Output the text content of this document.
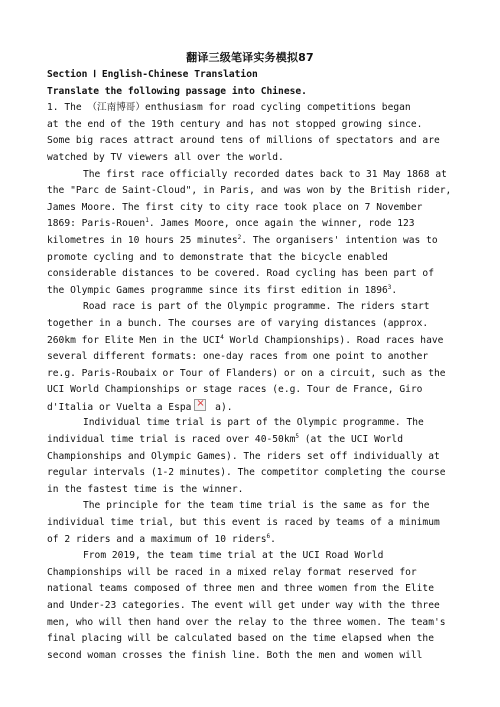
翻译三级笔译实务模拟87
Section Ⅰ English-Chinese Translation
Translate the following passage into Chinese.
1. The （江南博哥）enthusiasm for road cycling competitions began
at the end of the 19th century and has not stopped growing since.
Some big races attract around tens of millions of spectators and are
watched by TV viewers all over the world.
The first race officially recorded dates back to 31 May 1868 at
the "Parc de Saint-Cloud", in Paris, and was won by the British rider,
James Moore. The first city to city race took place on 7 November
1869: Paris-Rouen$^1$. James Moore, once again the winner, rode 123
kilometres in 10 hours 25 minutes$^2$. The organisers' intention was to
promote cycling and to demonstrate that the bicycle enabled
considerable distances to be covered. Road cycling has been part of
the Olympic Games programme since its first edition in 1896$^3$.
Road race is part of the Olympic programme. The riders start
together in a bunch. The courses are of varying distances (approx.
260km for Elite Men in the UCI$^4$ World Championships). Road races have
several different formats: one-day races from one point to another
re.g. Paris-Roubaix or Tour of Flanders) or on a circuit, such as the
UCI World Championships or stage races (e.g. Tour de France, Giro
d'Italia or Vuelta a Espa× a).
Individual time trial is part of the Olympic programme. The
individual time trial is raced over $40-50km^5$ (at the UCI World
Championships and Olympic Games). The riders set off individually at
regular intervals (1-2 minutes). The competitor completing the course
in the fastest time is the winner.
The principle for the team time trial is the same as for the
individual time trial, but this event is raced by teams of a minimum
of 2 riders and a maximum of 10 riders$^6$.
From 2019, the team time trial at the UCI Road World
Championships will be raced in a mixed relay format reserved for
national teams composed of three men and three women from the Elite
and Under-23 categories. The event will get under way with the three
men, who will then hand over the relay to the three women. The team's
final placing will be calculated based on the time elapsed when the
second woman crosses the finish line. Both the men and women will
